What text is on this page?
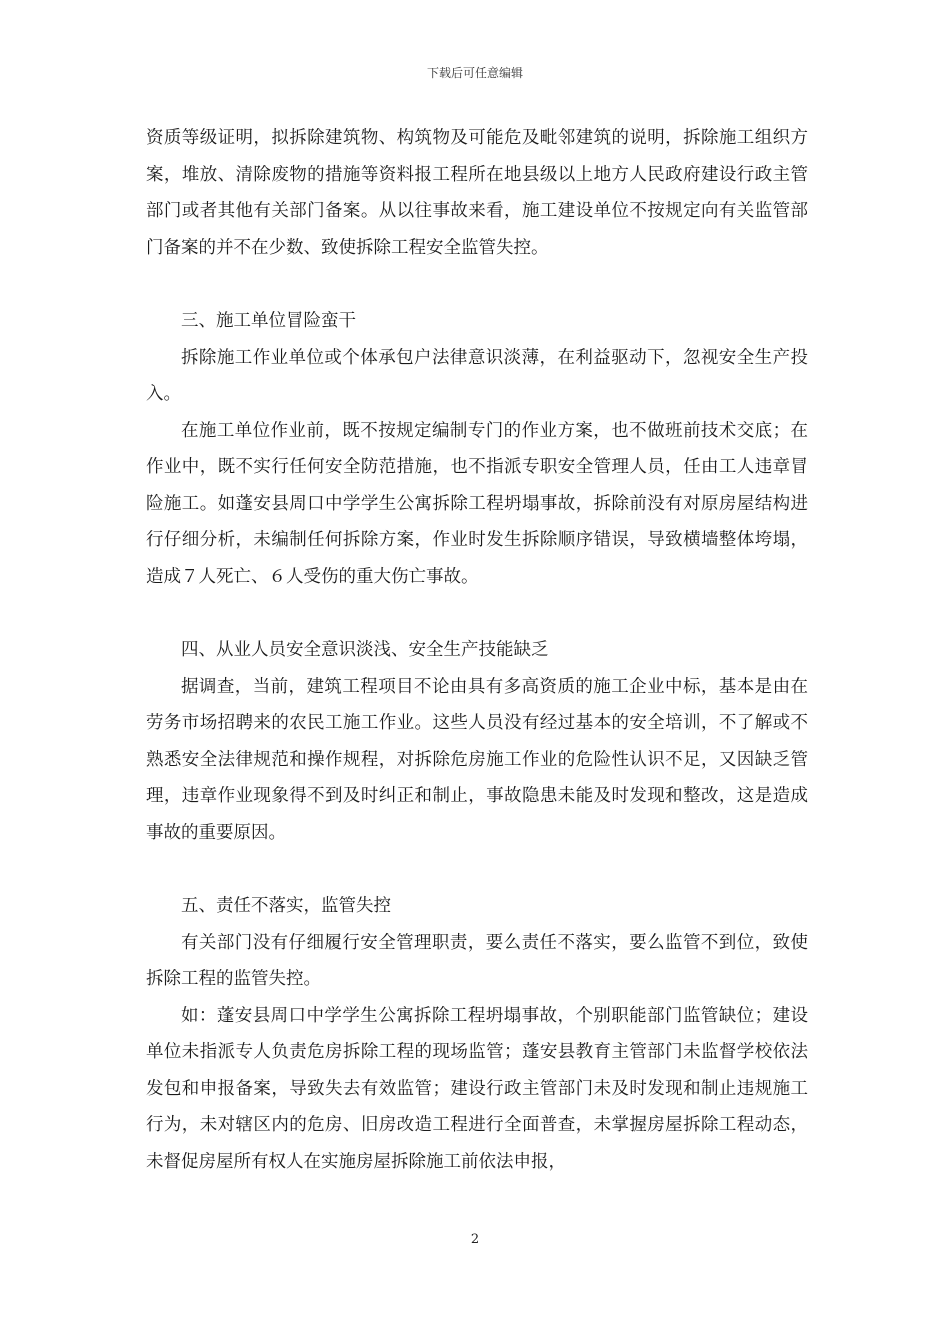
下载后可任意编辑

资质等级证明，拟拆除建筑物、构筑物及可能危及毗邻建筑的说明，拆除施工组织方案，堆放、清除废物的措施等资料报工程所在地县级以上地方人民政府建设行政主管部门或者其他有关部门备案。从以往事故来看，施工建设单位不按规定向有关监管部门备案的并不在少数、致使拆除工程安全监管失控。

三、施工单位冒险蛮干

拆除施工作业单位或个体承包户法律意识淡薄，在利益驱动下，忽视安全生产投入。

在施工单位作业前，既不按规定编制专门的作业方案，也不做班前技术交底；在作业中，既不实行任何安全防范措施，也不指派专职安全管理人员，任由工人违章冒险施工。如蓬安县周口中学学生公寓拆除工程坍塌事故，拆除前没有对原房屋结构进行仔细分析，未编制任何拆除方案，作业时发生拆除顺序错误，导致横墙整体垮塌，造成７人死亡、６人受伤的重大伤亡事故。

四、从业人员安全意识淡浅、安全生产技能缺乏

据调查，当前，建筑工程项目不论由具有多高资质的施工企业中标，基本是由在劳务市场招聘来的农民工施工作业。这些人员没有经过基本的安全培训，不了解或不熟悉安全法律规范和操作规程，对拆除危房施工作业的危险性认识不足，又因缺乏管理，违章作业现象得不到及时纠正和制止，事故隐患未能及时发现和整改，这是造成事故的重要原因。

五、责任不落实，监管失控

有关部门没有仔细履行安全管理职责，要么责任不落实，要么监管不到位，致使拆除工程的监管失控。

如：蓬安县周口中学学生公寓拆除工程坍塌事故，个别职能部门监管缺位；建设单位未指派专人负责危房拆除工程的现场监管；蓬安县教育主管部门未监督学校依法发包和申报备案，导致失去有效监管；建设行政主管部门未及时发现和制止违规施工行为，未对辖区内的危房、旧房改造工程进行全面普查，未掌握房屋拆除工程动态，未督促房屋所有权人在实施房屋拆除施工前依法申报，

2
